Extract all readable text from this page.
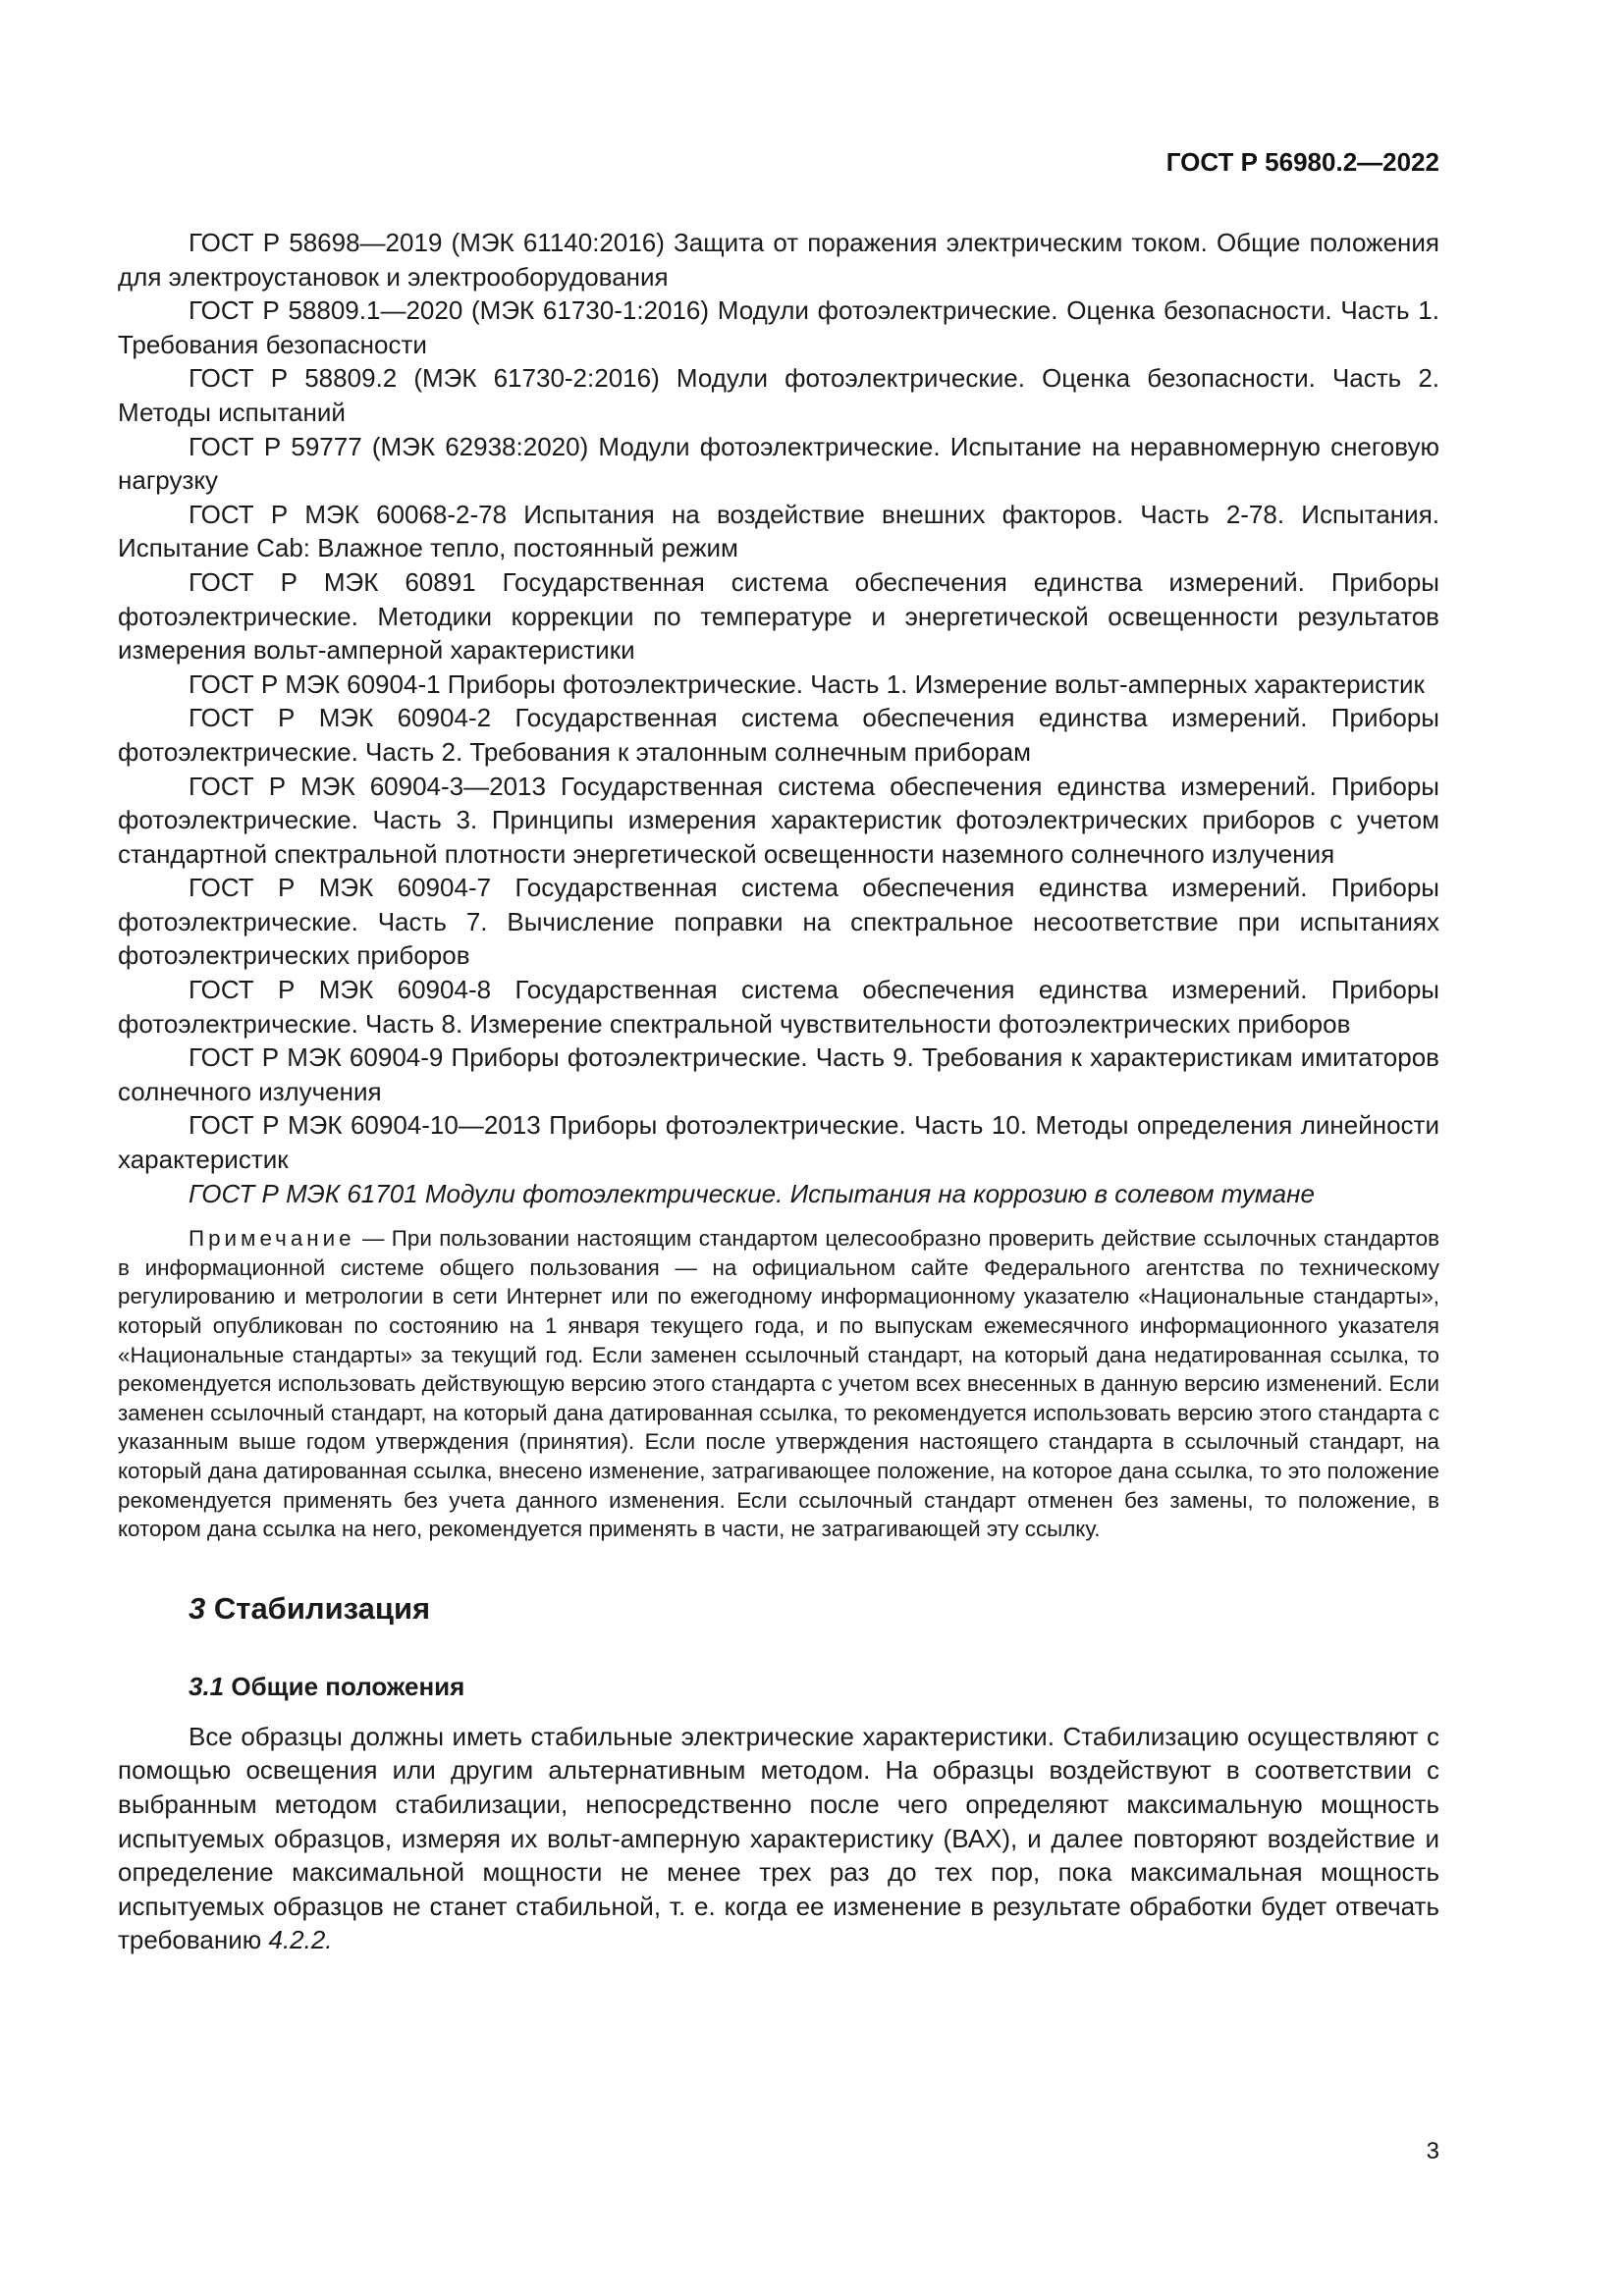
ГОСТ Р 56980.2—2022

ГОСТ Р 58698—2019 (МЭК 61140:2016) Защита от поражения электрическим током. Общие положения для электроустановок и электрооборудования

ГОСТ Р 58809.1—2020 (МЭК 61730-1:2016) Модули фотоэлектрические. Оценка безопасности. Часть 1. Требования безопасности

ГОСТ Р 58809.2 (МЭК 61730-2:2016) Модули фотоэлектрические. Оценка безопасности. Часть 2. Методы испытаний

ГОСТ Р 59777 (МЭК 62938:2020) Модули фотоэлектрические. Испытание на неравномерную снеговую нагрузку

ГОСТ Р МЭК 60068-2-78 Испытания на воздействие внешних факторов. Часть 2-78. Испытания. Испытание Cab: Влажное тепло, постоянный режим

ГОСТ Р МЭК 60891 Государственная система обеспечения единства измерений. Приборы фотоэлектрические. Методики коррекции по температуре и энергетической освещенности результатов измерения вольт-амперной характеристики

ГОСТ Р МЭК 60904-1 Приборы фотоэлектрические. Часть 1. Измерение вольт-амперных характеристик

ГОСТ Р МЭК 60904-2 Государственная система обеспечения единства измерений. Приборы фотоэлектрические. Часть 2. Требования к эталонным солнечным приборам

ГОСТ Р МЭК 60904-3—2013 Государственная система обеспечения единства измерений. Приборы фотоэлектрические. Часть 3. Принципы измерения характеристик фотоэлектрических приборов с учетом стандартной спектральной плотности энергетической освещенности наземного солнечного излучения

ГОСТ Р МЭК 60904-7 Государственная система обеспечения единства измерений. Приборы фотоэлектрические. Часть 7. Вычисление поправки на спектральное несоответствие при испытаниях фотоэлектрических приборов

ГОСТ Р МЭК 60904-8 Государственная система обеспечения единства измерений. Приборы фотоэлектрические. Часть 8. Измерение спектральной чувствительности фотоэлектрических приборов

ГОСТ Р МЭК 60904-9 Приборы фотоэлектрические. Часть 9. Требования к характеристикам имитаторов солнечного излучения

ГОСТ Р МЭК 60904-10—2013 Приборы фотоэлектрические. Часть 10. Методы определения линейности характеристик

ГОСТ Р МЭК 61701 Модули фотоэлектрические. Испытания на коррозию в солевом тумане

Примечание — При пользовании настоящим стандартом целесообразно проверить действие ссылочных стандартов в информационной системе общего пользования — на официальном сайте Федерального агентства по техническому регулированию и метрологии в сети Интернет или по ежегодному информационному указателю «Национальные стандарты», который опубликован по состоянию на 1 января текущего года, и по выпускам ежемесячного информационного указателя «Национальные стандарты» за текущий год. Если заменен ссылочный стандарт, на который дана недатированная ссылка, то рекомендуется использовать действующую версию этого стандарта с учетом всех внесенных в данную версию изменений. Если заменен ссылочный стандарт, на который дана датированная ссылка, то рекомендуется использовать версию этого стандарта с указанным выше годом утверждения (принятия). Если после утверждения настоящего стандарта в ссылочный стандарт, на который дана датированная ссылка, внесено изменение, затрагивающее положение, на которое дана ссылка, то это положение рекомендуется применять без учета данного изменения. Если ссылочный стандарт отменен без замены, то положение, в котором дана ссылка на него, рекомендуется применять в части, не затрагивающей эту ссылку.
3 Стабилизация
3.1 Общие положения
Все образцы должны иметь стабильные электрические характеристики. Стабилизацию осуществляют с помощью освещения или другим альтернативным методом. На образцы воздействуют в соответствии с выбранным методом стабилизации, непосредственно после чего определяют максимальную мощность испытуемых образцов, измеряя их вольт-амперную характеристику (ВАХ), и далее повторяют воздействие и определение максимальной мощности не менее трех раз до тех пор, пока максимальная мощность испытуемых образцов не станет стабильной, т. е. когда ее изменение в результате обработки будет отвечать требованию 4.2.2.
3
